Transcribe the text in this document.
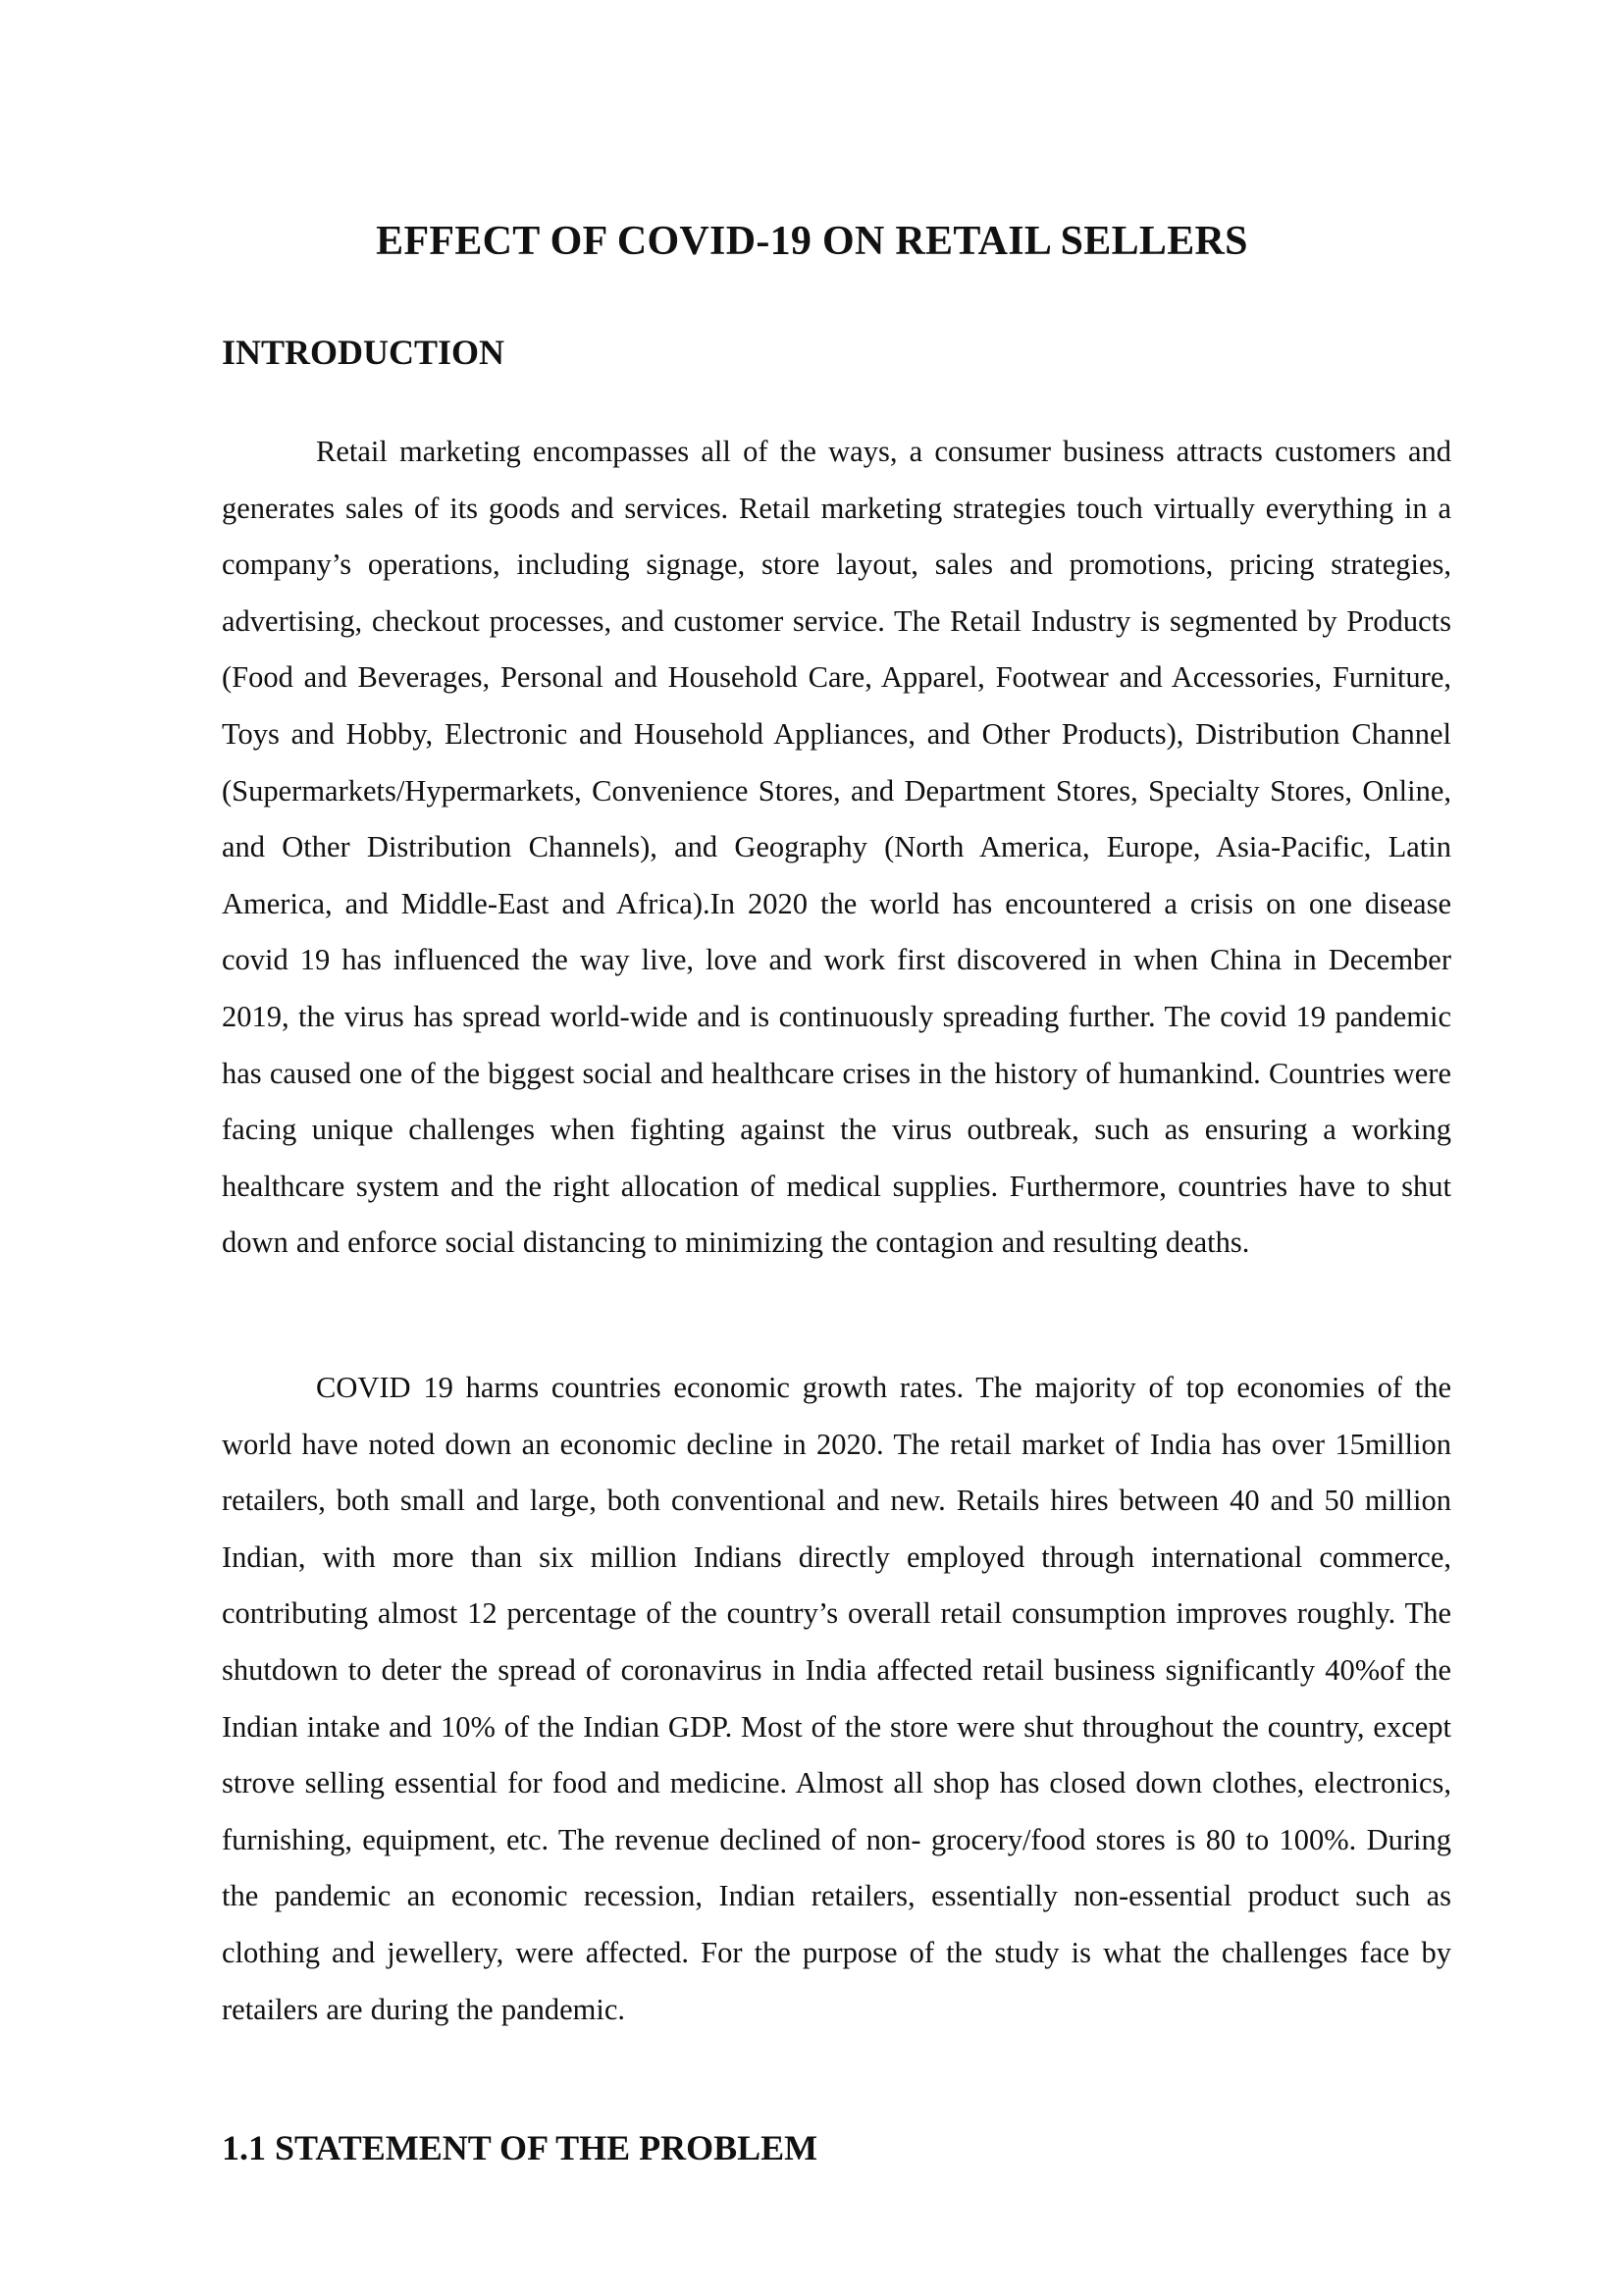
EFFECT OF COVID-19 ON RETAIL SELLERS
INTRODUCTION

Retail marketing encompasses all of the ways, a consumer business attracts customers and generates sales of its goods and services. Retail marketing strategies touch virtually everything in a company’s operations, including signage, store layout, sales and promotions, pricing strategies, advertising, checkout processes, and customer service. The Retail Industry is segmented by Products (Food and Beverages, Personal and Household Care, Apparel, Footwear and Accessories, Furniture, Toys and Hobby, Electronic and Household Appliances, and Other Products), Distribution Channel (Supermarkets/Hypermarkets, Convenience Stores, and Department Stores, Specialty Stores, Online, and Other Distribution Channels), and Geography (North America, Europe, Asia-Pacific, Latin America, and Middle-East and Africa).In 2020 the world has encountered a crisis on one disease covid 19 has influenced the way live, love and work first discovered in when China in December 2019, the virus has spread world-wide and is continuously spreading further. The covid 19 pandemic has caused one of the biggest social and healthcare crises in the history of humankind. Countries were facing unique challenges when fighting against the virus outbreak, such as ensuring a working healthcare system and the right allocation of medical supplies. Furthermore, countries have to shut down and enforce social distancing to minimizing the contagion and resulting deaths.

COVID 19 harms countries economic growth rates. The majority of top economies of the world have noted down an economic decline in 2020. The retail market of India has over 15million retailers, both small and large, both conventional and new. Retails hires between 40 and 50 million Indian, with more than six million Indians directly employed through international commerce, contributing almost 12 percentage of the country’s overall retail consumption improves roughly. The shutdown to deter the spread of coronavirus in India affected retail business significantly 40%of the Indian intake and 10% of the Indian GDP. Most of the store were shut throughout the country, except strove selling essential for food and medicine. Almost all shop has closed down clothes, electronics, furnishing, equipment, etc. The revenue declined of non- grocery/food stores is 80 to 100%. During the pandemic an economic recession, Indian retailers, essentially non-essential product such as clothing and jewellery, were affected. For the purpose of the study is what the challenges face by retailers are during the pandemic.

1.1 STATEMENT OF THE PROBLEM
